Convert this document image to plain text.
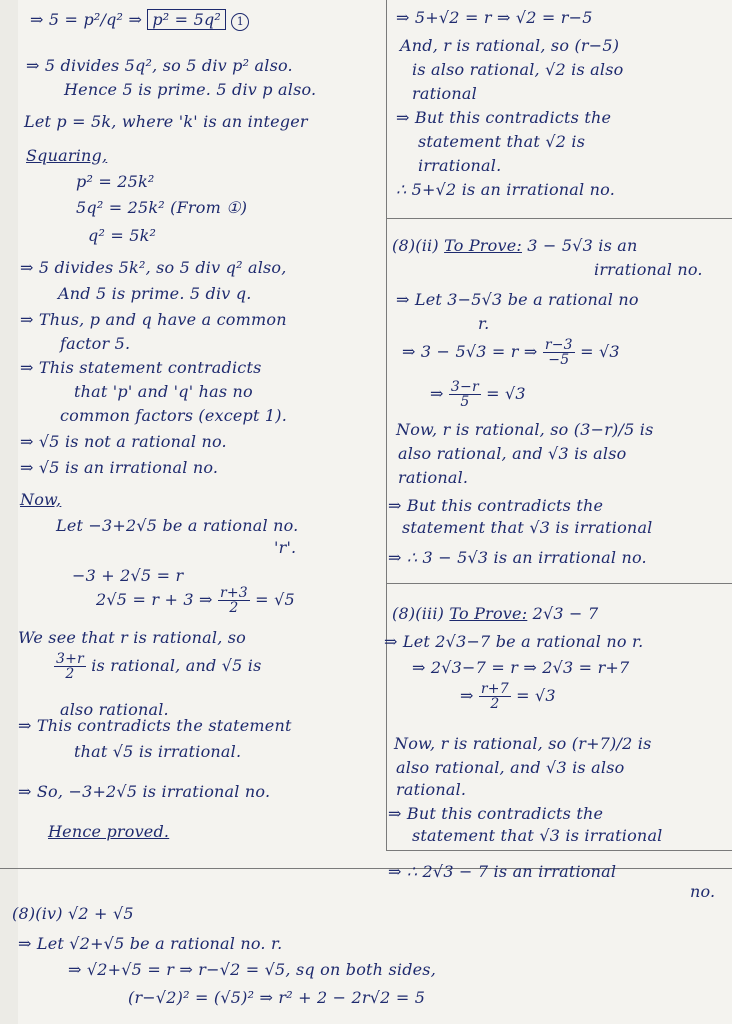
⇒ 5 = p²/q² ⇒ p² = 5q² 1
⇒ 5 divides 5q², so 5 div p² also.
Hence 5 is prime. 5 div p also.
Let p = 5k, where 'k' is an integer
Squaring,
p² = 25k²
5q² = 25k² (From ①)
q² = 5k²
⇒ 5 divides 5k², so 5 div q² also,
And 5 is prime. 5 div q.
⇒ Thus, p and q have a common
factor 5.
⇒ This statement contradicts
that 'p' and 'q' has no
common factors (except 1).
⇒ √5 is not a rational no.
⇒ √5 is an irrational no.
Now,
Let −3+2√5 be a rational no.
'r'.
−3 + 2√5 = r
2√5 = r + 3 ⇒ $\frac{r+3}{2} = √5$
We see that r is rational, so
$\frac{3+r}{2}$ is rational, and √5 is
also rational.
⇒ This contradicts the statement
that √5 is irrational.
⇒ So, −3+2√5 is irrational no.
Hence proved.
⇒ 5+√2 = r ⇒ √2 = r−5
And, r is rational, so (r−5)
is also rational, √2 is also
rational
⇒ But this contradicts the
statement that √2 is
irrational.
∴ 5+√2 is an irrational no.
(8)(ii) To Prove: 3 − 5√3 is an
irrational no.
⇒ Let 3−5√3 be a rational no
r.
⇒ 3 − 5√3 = r ⇒ $\frac{r-3}{-5} = √3$
⇒ $\frac{3-r}{5} = √3$
Now, r is rational, so (3−r)/5 is
also rational, and √3 is also
rational.
⇒ But this contradicts the
statement that √3 is irrational
⇒ ∴ 3 − 5√3 is an irrational no.
(8)(iii) To Prove: 2√3 − 7
⇒ Let 2√3−7 be a rational no r.
⇒ 2√3−7 = r ⇒ 2√3 = r+7
⇒ $\frac{r+7}{2} = √3$
Now, r is rational, so (r+7)/2 is
also rational, and √3 is also
rational.
⇒ But this contradicts the
statement that √3 is irrational
⇒ ∴ 2√3 − 7 is an irrational
no.
(8)(iv) √2 + √5
⇒ Let √2+√5 be a rational no. r.
⇒ √2+√5 = r ⇒ r−√2 = √5, sq on both sides,
(r−√2)² = (√5)² ⇒ r² + 2 − 2r√2 = 5
